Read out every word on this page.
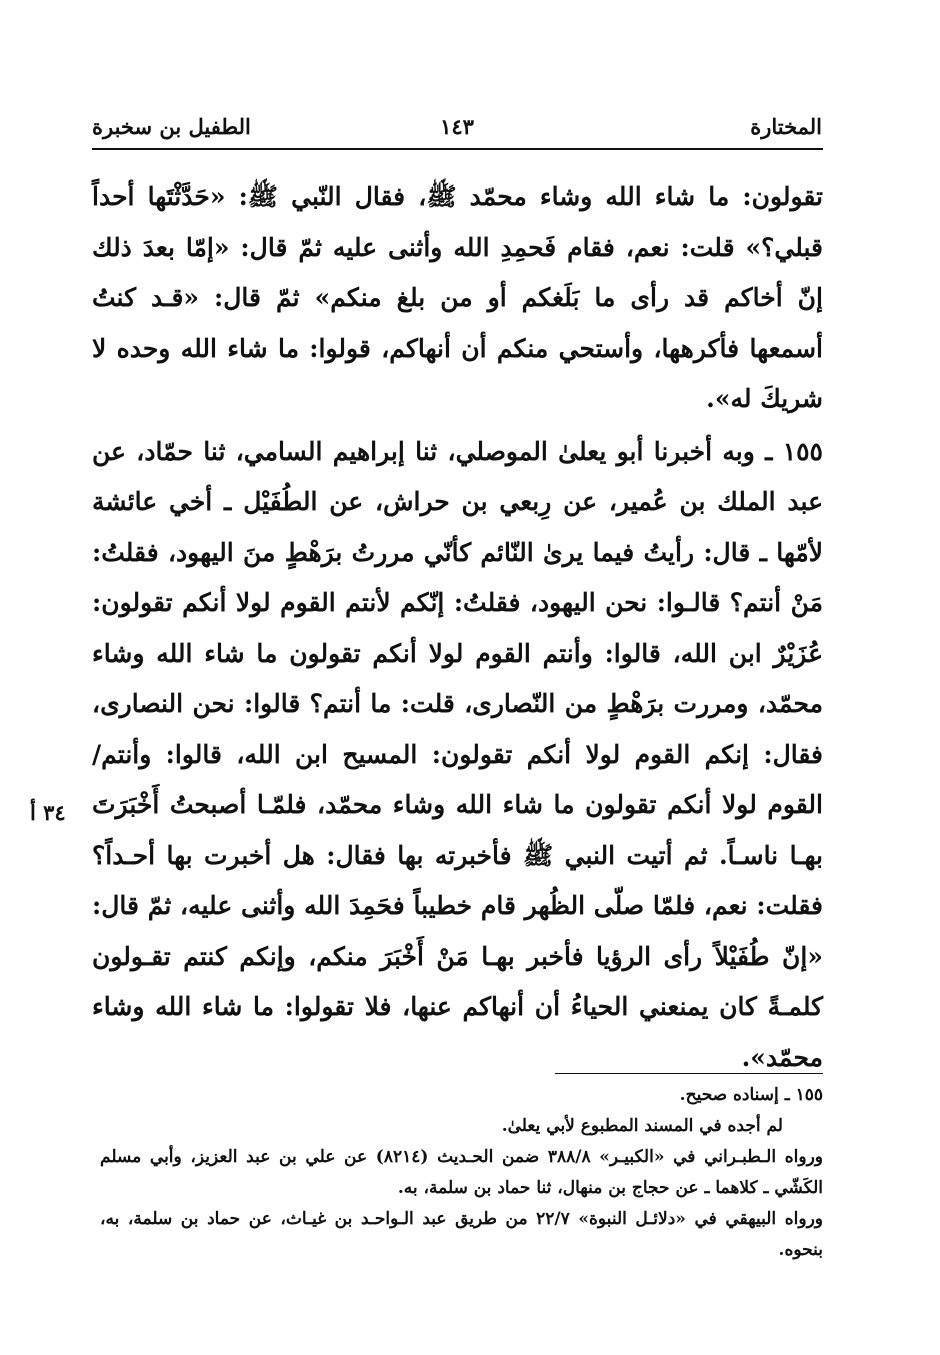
المختارة
١٤٣
الطفيل بن سخبرة

تقولون: ما شاء الله وشاء محمّد ﷺ، فقال النّبي ﷺ: «حَدَّثْتَها أحداً قبلي؟» قلت: نعم، فقام فَحمِدِ الله وأثنى عليه ثمّ قال: «إمّا بعدَ ذلك إنّ أخاكم قد رأى ما بَلَغكم أو من بلغ منكم» ثمّ قال: «قـد كنتُ أسمعها فأكرهها، وأستحي منكم أن أنهاكم، قولوا: ما شاء الله وحده لا شريكَ له».

١٥٥ ـ وبه أخبرنا أبو يعلىٰ الموصلي، ثنا إبراهيم السامي، ثنا حمّاد، عن عبد الملك بن عُمير، عن رِبعي بن حراش، عن الطُفَيْل ـ أخي عائشة لأمّها ـ قال: رأيتُ فيما يرىٰ النّائم كأنّي مررتُ برَهْطٍ منَ اليهود، فقلتُ: مَنْ أنتم؟ قالـوا: نحن اليهود، فقلتُ: إنّكم لأنتم القوم لولا أنكم تقولون: عُزَيْرٌ ابن الله، قالوا: وأنتم القوم لولا أنكم تقولون ما شاء الله وشاء محمّد، ومررت برَهْطٍ من النّصارى، قلت: ما أنتم؟ قالوا: نحن النصارى، فقال: إنكم القوم لولا أنكم تقولون: المسيح ابن الله، قالوا: وأنتم/ القوم لولا أنكم تقولون ما شاء الله وشاء محمّد، فلمّـا أصبحتُ أَخْبَرَتَ بهـا ناسـاً. ثم أتيت النبي ﷺ فأخبرته بها فقال: هل أخبرت بها أحـداً؟ فقلت: نعم، فلمّا صلّى الظُهر قام خطيباً فحَمِدَ الله وأثنى عليه، ثمّ قال: «إنّ طُفَيْلاً رأى الرؤيا فأخبر بهـا مَنْ أَخْبَرَ منكم، وإنكم كنتم تقـولون كلمـةً كان يمنعني الحياءُ أن أنهاكم عنها، فلا تقولوا: ما شاء الله وشاء محمّد».

٣٤ أ

١٥٥ ـ إسناده صحيح.

لم أجده في المسند المطبوع لأبي يعلىٰ.

ورواه الـطبـراني في «الكبيـر» ٣٨٨/٨ ضمن الحـديث (٨٢١٤) عن علي بن عبد العزيز، وأبي مسلم الكَشّي ـ كلاهما ـ عن حجاج بن منهال، ثنا حماد بن سلمة، به.

ورواه البيهقي في «دلائـل النبوة» ٢٢/٧ من طريق عبد الـواحـد بن غيـاث، عن حماد بن سلمة، به، بنحوه.
